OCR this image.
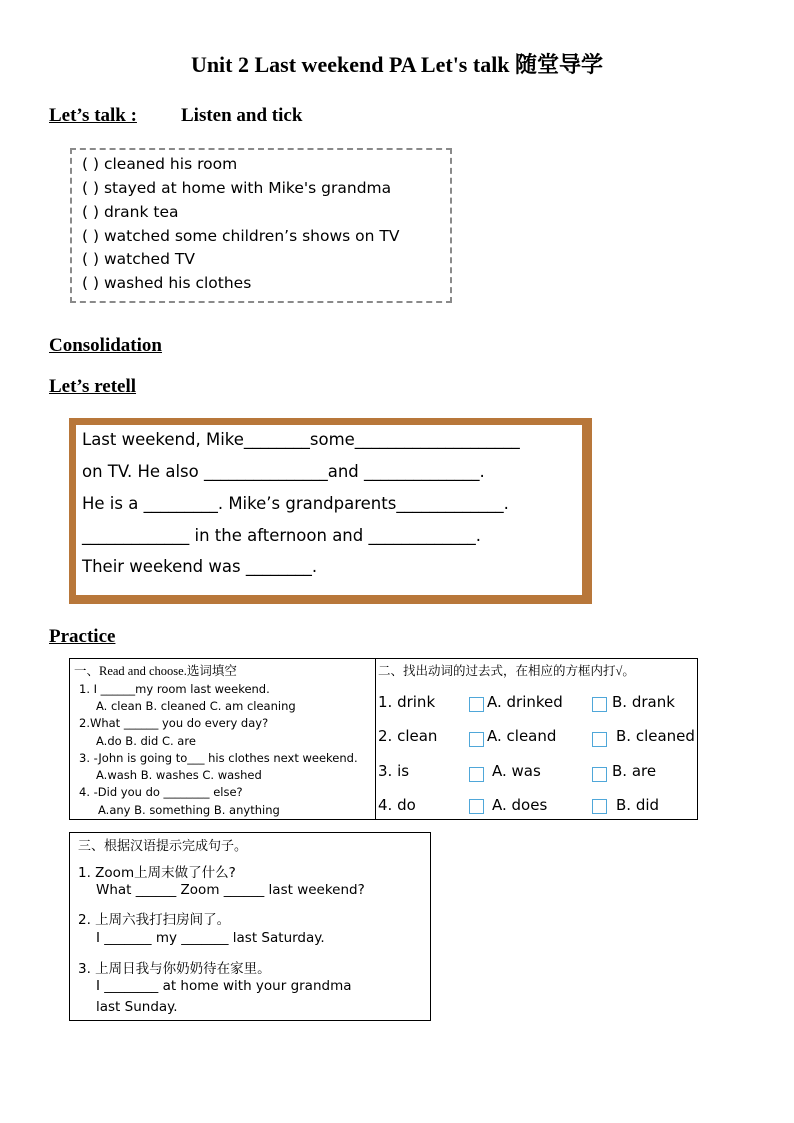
Unit 2 Last weekend PA Let's talk 随堂导学
Let’s talk : Listen and tick
( ) cleaned his room
( ) stayed at home with Mike's grandma
( ) drank tea
( ) watched some children’s shows on TV
( ) watched TV
( ) washed his clothes
Consolidation
Let’s retell
Last weekend, Mike________some____________________
on TV. He also _______________and ______________.
He is a _________. Mike’s grandparents_____________.
_____________ in the afternoon and _____________.
Their weekend was ________.
Practice
一、Read and choose.选词填空
1. I ______my room last weekend.
A. clean B. cleaned C. am cleaning
2.What ______ you do every day?
A.do B. did C. are
3. -John is going to___ his clothes next weekend.
A.wash B. washes C. washed
4. -Did you do ________ else?
A.any B. something B. anything
二、找出动词的过去式，在相应的方框内打√。
1. drink	A. drinked	B. drank
2. clean	A. cleand	B. cleaned
3. is	A. was	B. are
4. do	A. does	B. did
三、根据汉语提示完成句子。
1. Zoom上周末做了什么?
What ______ Zoom ______ last weekend?
2. 上周六我打扫房间了。
I _______ my _______ last Saturday.
3. 上周日我与你奶奶待在家里。
I ________ at home with your grandma
last Sunday.
